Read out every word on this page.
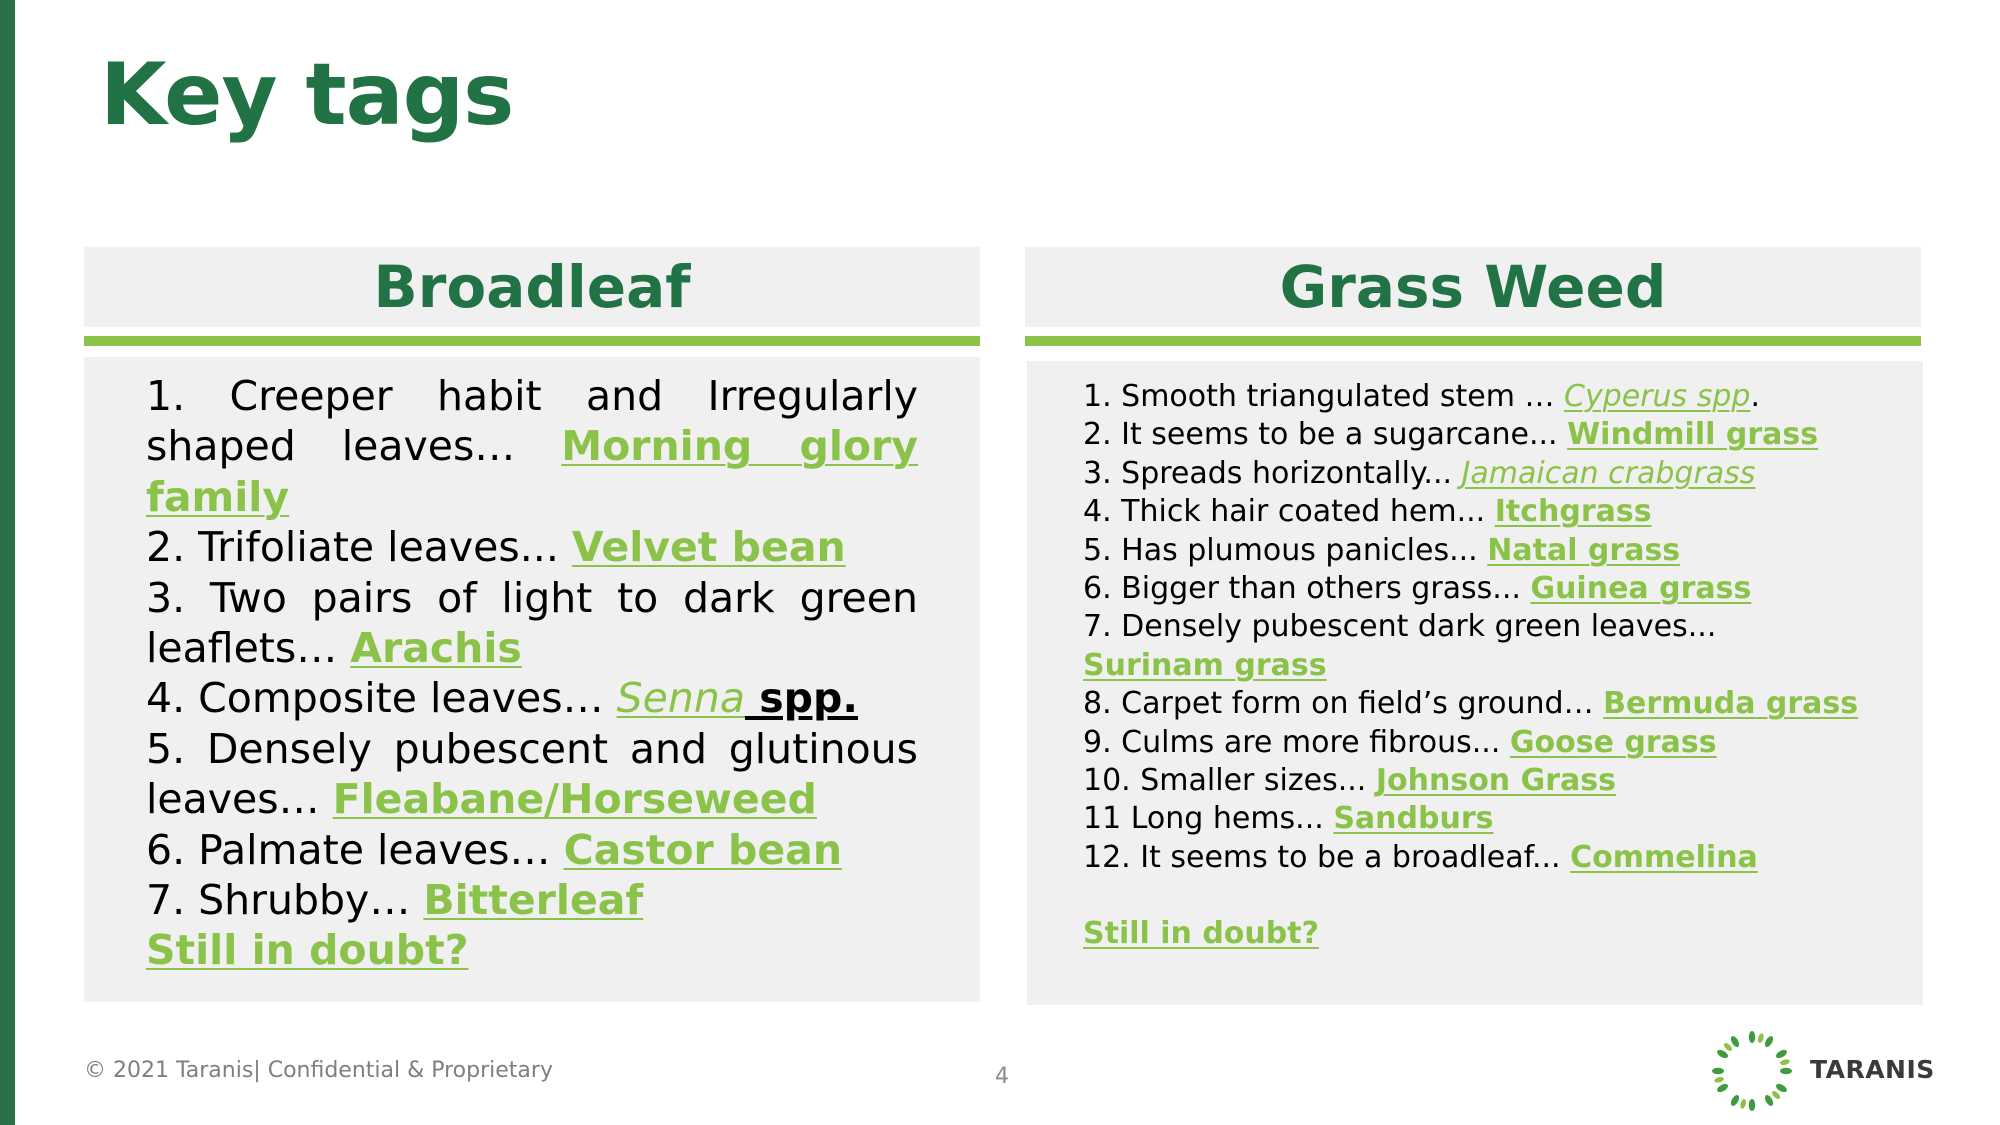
Key tags
Broadleaf

1. Creeper habit and Irregularly shaped leaves… Morning glory family

2. Trifoliate leaves... Velvet bean

3. Two pairs of light to dark green leaflets… Arachis

4. Composite leaves… Senna spp.

5. Densely pubescent and glutinous leaves… Fleabane/Horseweed

6. Palmate leaves… Castor bean

7. Shrubby… Bitterleaf

Still in doubt?

Grass Weed

1. Smooth triangulated stem … Cyperus spp.

2. It seems to be a sugarcane... Windmill grass

3. Spreads horizontally... Jamaican crabgrass

4. Thick hair coated hem... Itchgrass

5. Has plumous panicles... Natal grass

6. Bigger than others grass... Guinea grass

7. Densely pubescent dark green leaves... Surinam grass

8. Carpet form on field’s ground… Bermuda grass

9. Culms are more fibrous... Goose grass

10. Smaller sizes... Johnson Grass

11 Long hems... Sandburs

12. It seems to be a broadleaf... Commelina

Still in doubt?

© 2021 Taranis| Confidential & Proprietary	4	TARANIS
